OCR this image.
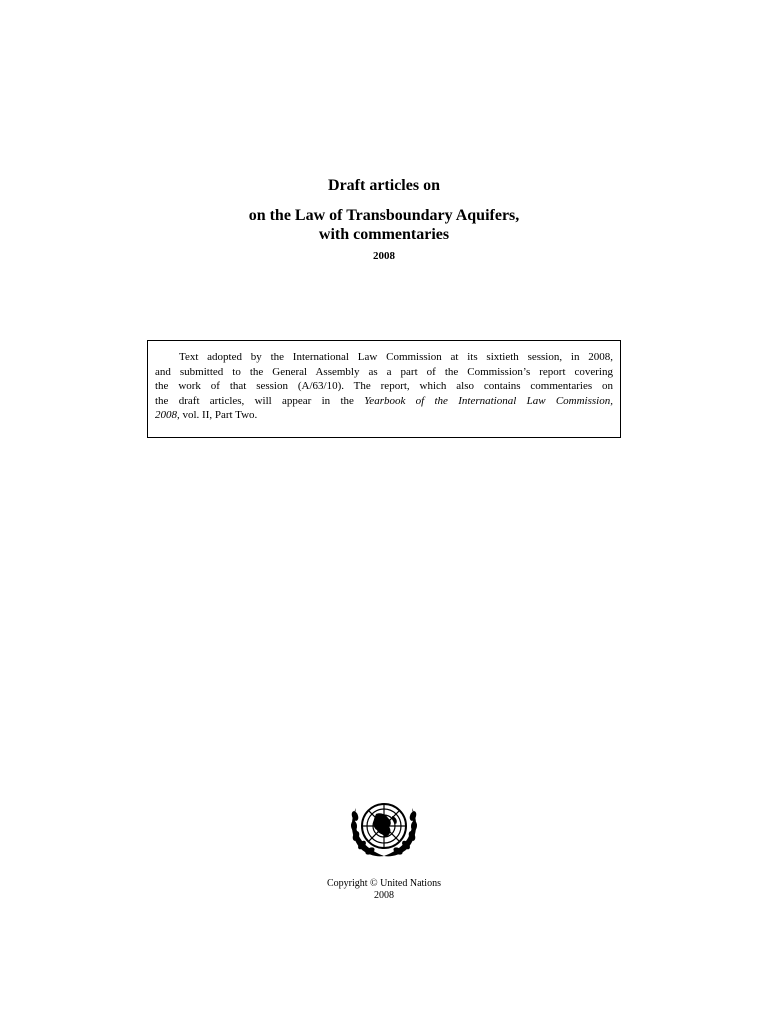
Draft articles on
on the Law of Transboundary Aquifers,
with commentaries
2008
Text adopted by the International Law Commission at its sixtieth session, in 2008,
and submitted to the General Assembly as a part of the Commission’s report covering
the work of that session (A/63/10). The report, which also contains commentaries on
the draft articles, will appear in the Yearbook of the International Law Commission,
2008, vol. II, Part Two.
Copyright © United Nations
2008
